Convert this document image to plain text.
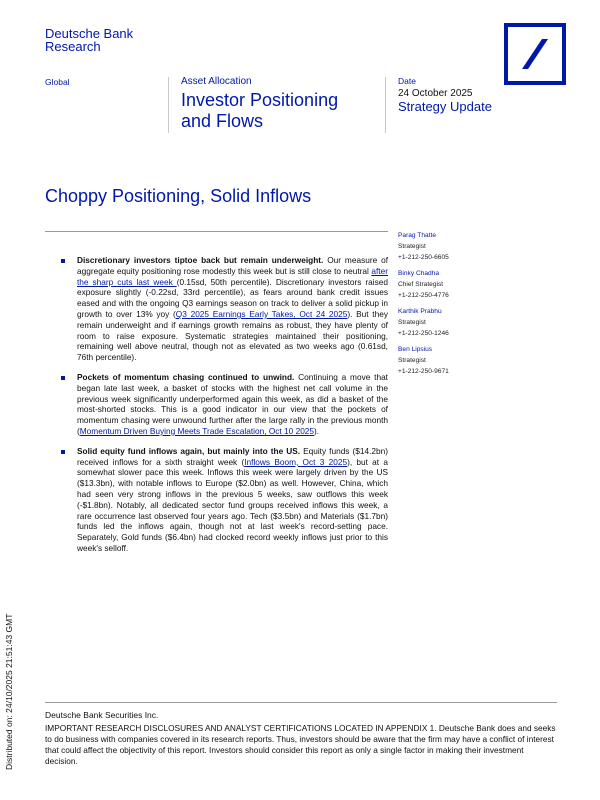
Deutsche Bank
Research
Global	Asset Allocation
Investor Positioning
and Flows
Date
24 October 2025
Strategy Update
Choppy Positioning, Solid Inflows

Discretionary investors tiptoe back but remain underweight. Our measure of aggregate equity positioning rose modestly this week but is still close to neutral after the sharp cuts last week (0.15sd, 50th percentile). Discretionary investors raised exposure slightly (-0.22sd, 33rd percentile), as fears around bank credit issues eased and with the ongoing Q3 earnings season on track to deliver a solid pickup in growth to over 13% yoy (Q3 2025 Earnings Early Takes, Oct 24 2025). But they remain underweight and if earnings growth remains as robust, they have plenty of room to raise exposure. Systematic strategies maintained their positioning, remaining well above neutral, though not as elevated as two weeks ago (0.61sd, 76th percentile).

Pockets of momentum chasing continued to unwind. Continuing a move that began late last week, a basket of stocks with the highest net call volume in the previous week significantly underperformed again this week, as did a basket of the most-shorted stocks. This is a good indicator in our view that the pockets of momentum chasing were unwound further after the large rally in the previous month (Momentum Driven Buying Meets Trade Escalation, Oct 10 2025).

Solid equity fund inflows again, but mainly into the US. Equity funds ($14.2bn) received inflows for a sixth straight week (Inflows Boom, Oct 3 2025), but at a somewhat slower pace this week. Inflows this week were largely driven by the US ($13.3bn), with notable inflows to Europe ($2.0bn) as well. However, China, which had seen very strong inflows in the previous 5 weeks, saw outflows this week (-$1.8bn). Notably, all dedicated sector fund groups received inflows this week, a rare occurrence last observed four years ago. Tech ($3.5bn) and Materials ($1.7bn) funds led the inflows again, though not at last week's record-setting pace. Separately, Gold funds ($6.4bn) had clocked record weekly inflows just prior to this week's selloff.

Parag Thatte
Strategist
+1-212-250-6605
Binky Chadha
Chief Strategist
+1-212-250-4776
Karthik Prabhu
Strategist
+1-212-250-1246
Ben Lipsius
Strategist
+1-212-250-9671
Distributed on: 24/10/2025 21:51:43 GMT	Deutsche Bank Securities Inc.
IMPORTANT RESEARCH DISCLOSURES AND ANALYST CERTIFICATIONS LOCATED IN APPENDIX 1. Deutsche Bank does and seeks to do business with companies covered in its research reports. Thus, investors should be aware that the firm may have a conflict of interest that could affect the objectivity of this report. Investors should consider this report as only a single factor in making their investment decision.
